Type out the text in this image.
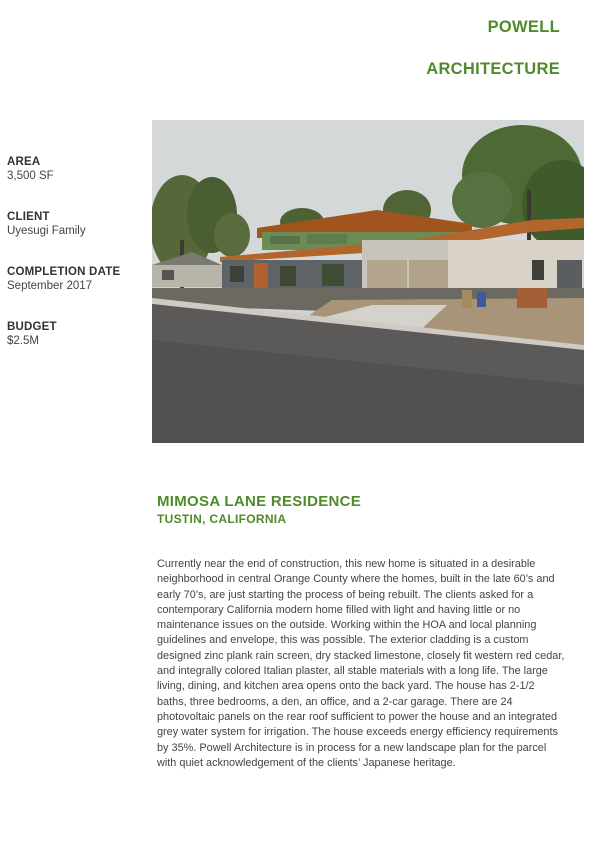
POWELL

ARCHITECTURE
AREA
3,500 SF
CLIENT
Uyesugi Family
COMPLETION DATE
September 2017
BUDGET
$2.5M
MIMOSA LANE RESIDENCE
TUSTIN, CALIFORNIA
Currently near the end of construction, this new home is situated in a desirable neighborhood in central Orange County where the homes, built in the late 60’s and early 70’s, are just starting the process of being rebuilt. The clients asked for a contemporary California modern home filled with light and having little or no maintenance issues on the outside. Working within the HOA and local planning guidelines and envelope, this was possible. The exterior cladding is a custom designed zinc plank rain screen, dry stacked limestone, closely fit western red cedar, and integrally colored Italian plaster, all stable materials with a long life. The large living, dining, and kitchen area opens onto the back yard. The house has 2-1/2 baths, three bedrooms, a den, an office, and a 2-car garage. There are 24 photovoltaic panels on the rear roof sufficient to power the house and an integrated grey water system for irrigation. The house exceeds energy efficiency requirements by 35%. Powell Architecture is in process for a new landscape plan for the parcel with quiet acknowledgement of the clients’ Japanese heritage.
